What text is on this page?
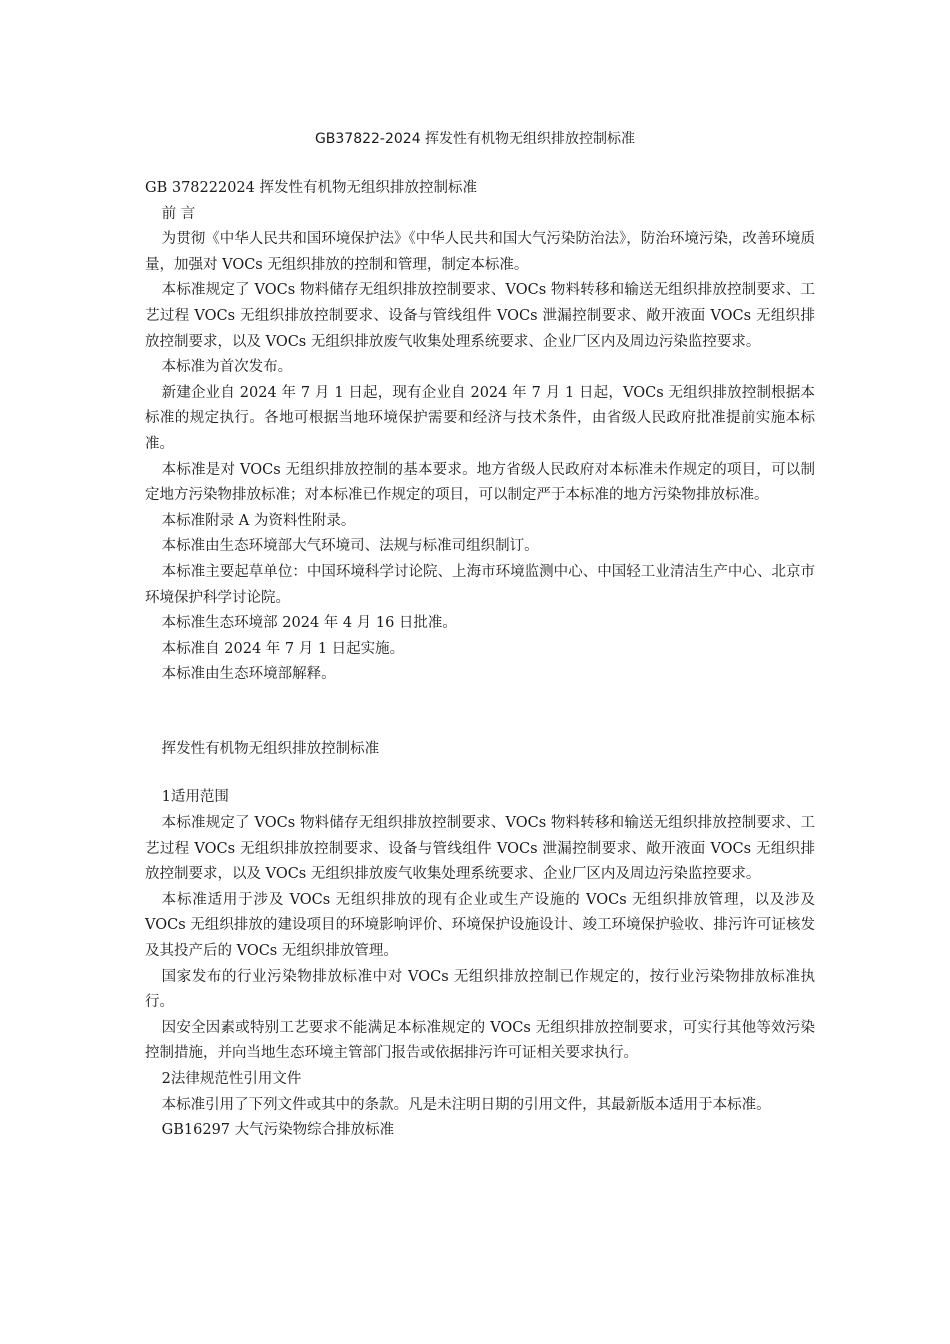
GB37822-2024 挥发性有机物无组织排放控制标准

GB 378222024 挥发性有机物无组织排放控制标准

前 言

为贯彻《中华人民共和国环境保护法》《中华人民共和国大气污染防治法》，防治环境污染，改善环境质量，加强对 VOCs 无组织排放的控制和管理，制定本标准。

本标准规定了 VOCs 物料储存无组织排放控制要求、VOCs 物料转移和输送无组织排放控制要求、工艺过程 VOCs 无组织排放控制要求、设备与管线组件 VOCs 泄漏控制要求、敞开液面 VOCs 无组织排放控制要求，以及 VOCs 无组织排放废气收集处理系统要求、企业厂区内及周边污染监控要求。

本标准为首次发布。

新建企业自 2024 年 7 月 1 日起，现有企业自 2024 年 7 月 1 日起，VOCs 无组织排放控制根据本标准的规定执行。各地可根据当地环境保护需要和经济与技术条件，由省级人民政府批准提前实施本标准。

本标准是对 VOCs 无组织排放控制的基本要求。地方省级人民政府对本标准未作规定的项目，可以制定地方污染物排放标准；对本标准已作规定的项目，可以制定严于本标准的地方污染物排放标准。

本标准附录 A 为资料性附录。

本标准由生态环境部大气环境司、法规与标准司组织制订。

本标准主要起草单位：中国环境科学讨论院、上海市环境监测中心、中国轻工业清洁生产中心、北京市环境保护科学讨论院。

本标准生态环境部 2024 年 4 月 16 日批准。

本标准自 2024 年 7 月 1 日起实施。

本标准由生态环境部解释。

挥发性有机物无组织排放控制标准

1适用范围

本标准规定了 VOCs 物料储存无组织排放控制要求、VOCs 物料转移和输送无组织排放控制要求、工艺过程 VOCs 无组织排放控制要求、设备与管线组件 VOCs 泄漏控制要求、敞开液面 VOCs 无组织排放控制要求，以及 VOCs 无组织排放废气收集处理系统要求、企业厂区内及周边污染监控要求。

本标准适用于涉及 VOCs 无组织排放的现有企业或生产设施的 VOCs 无组织排放管理，以及涉及VOCs 无组织排放的建设项目的环境影响评价、环境保护设施设计、竣工环境保护验收、排污许可证核发及其投产后的 VOCs 无组织排放管理。

国家发布的行业污染物排放标准中对 VOCs 无组织排放控制已作规定的，按行业污染物排放标准执行。

因安全因素或特别工艺要求不能满足本标准规定的 VOCs 无组织排放控制要求，可实行其他等效污染控制措施，并向当地生态环境主管部门报告或依据排污许可证相关要求执行。

2法律规范性引用文件

本标准引用了下列文件或其中的条款。凡是未注明日期的引用文件，其最新版本适用于本标准。

GB16297 大气污染物综合排放标准
